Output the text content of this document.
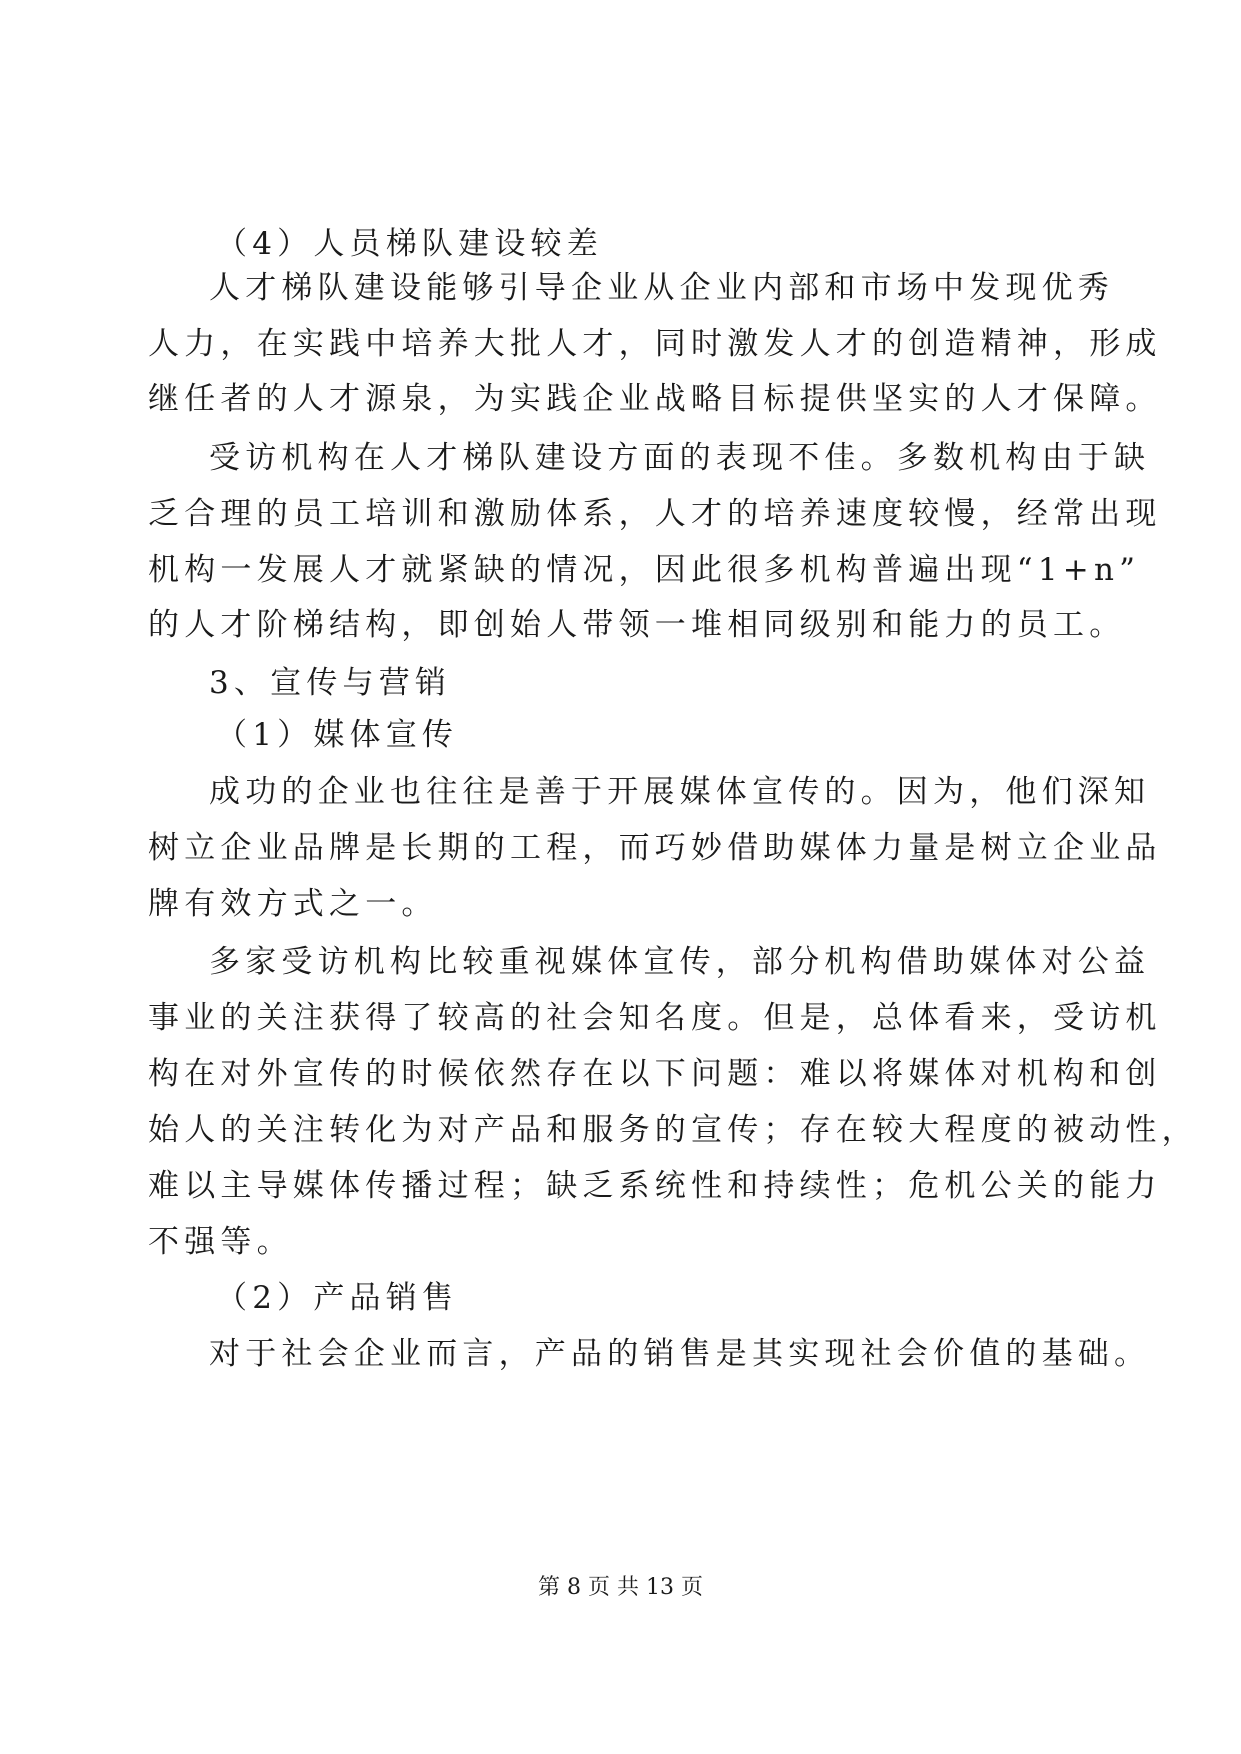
（4）人员梯队建设较差
人才梯队建设能够引导企业从企业内部和市场中发现优秀
人力，在实践中培养大批人才，同时激发人才的创造精神，形成
继任者的人才源泉，为实践企业战略目标提供坚实的人才保障。
受访机构在人才梯队建设方面的表现不佳。多数机构由于缺
乏合理的员工培训和激励体系，人才的培养速度较慢，经常出现
机构一发展人才就紧缺的情况，因此很多机构普遍出现“1+n”
的人才阶梯结构，即创始人带领一堆相同级别和能力的员工。
3、宣传与营销
（1）媒体宣传
成功的企业也往往是善于开展媒体宣传的。因为，他们深知
树立企业品牌是长期的工程，而巧妙借助媒体力量是树立企业品
牌有效方式之一。
多家受访机构比较重视媒体宣传，部分机构借助媒体对公益
事业的关注获得了较高的社会知名度。但是，总体看来，受访机
构在对外宣传的时候依然存在以下问题：难以将媒体对机构和创
始人的关注转化为对产品和服务的宣传；存在较大程度的被动性，
难以主导媒体传播过程；缺乏系统性和持续性；危机公关的能力
不强等。
（2）产品销售
对于社会企业而言，产品的销售是其实现社会价值的基础。
第 8 页 共 13 页
